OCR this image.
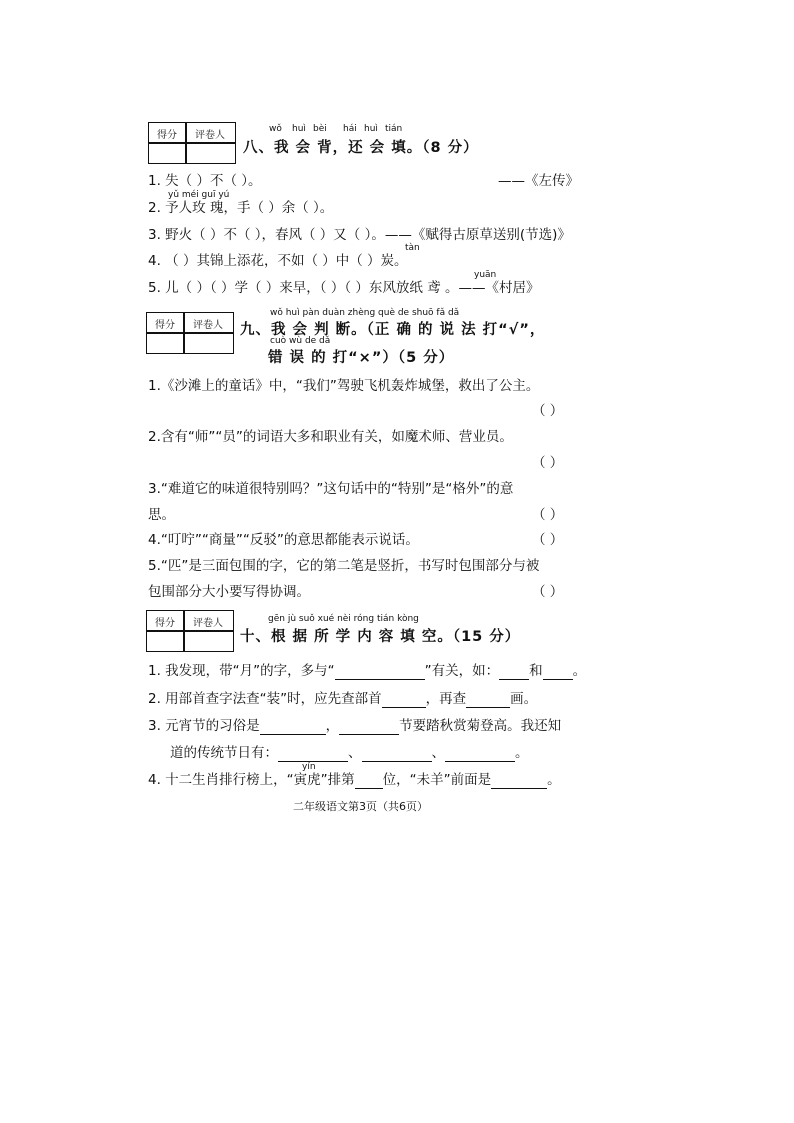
得分	评卷人
wǒ huì bèi hái huì tián
八、我 会 背，还 会 填。（8 分）
1. 失（ ）不（ ）。	——《左传》
yǔ méi guī yú
2. 予人玫 瑰，手（ ）余（ ）。
3. 野火（ ）不（ ），春风（ ）又（ ）。——《赋得古原草送别(节选)》
tàn
4. （ ）其锦上添花，不如（ ）中（ ）炭。
yuān
5. 儿（ ）（ ）学（ ）来早，（ ）（ ）东风放纸 鸢 。——《村居》
得分	评卷人
wǒ huì pàn duàn zhèng què de shuō fǎ dǎ
九、我 会 判 断。（正 确 的 说 法 打“√”，
cuò wù de dǎ
错 误 的 打“×”）（5 分）
1.《沙滩上的童话》中，“我们”驾驶飞机轰炸城堡，救出了公主。
（ ）
2.含有“师”“员”的词语大多和职业有关，如魔术师、营业员。
（ ）
3.“难道它的味道很特别吗？”这句话中的“特别”是“格外”的意
思。	（ ）
4.“叮咛”“商量”“反驳”的意思都能表示说话。	（ ）
5.“匹”是三面包围的字，它的第二笔是竖折，书写时包围部分与被
包围部分大小要写得协调。	（ ）
得分	评卷人	gēn jù suǒ xué nèi róng tián kòng
十、根 据 所 学 内 容 填 空。（15 分）
1. 我发现，带“月”的字，多与“	”有关，如： 和 。
2. 用部首查字法查“装”时，应先查部首	，再查	画。
3. 元宵节的习俗是	，	节要踏秋赏菊登高。我还知
道的传统节日有：	、	、	。
yín
4. 十二生肖排行榜上，“寅虎”排第 位，“未羊”前面是	。
二年级语文第3页（共6页）
